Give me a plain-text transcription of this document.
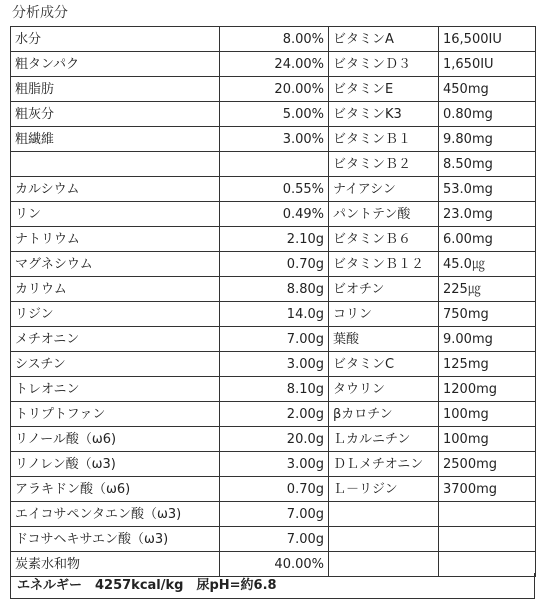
分析成分
水分	8.00%	ビタミンA	16,500IU
粗タンパク	24.00%	ビタミンＤ３	1,650IU
粗脂肪	20.00%	ビタミンE	450mg
粗灰分	5.00%	ビタミンK3	0.80mg
粗繊維	3.00%	ビタミンＢ１	9.80mg
		ビタミンＢ２	8.50mg
カルシウム	0.55%	ナイアシン	53.0mg
リン	0.49%	パントテン酸	23.0mg
ナトリウム	2.10g	ビタミンＢ６	6.00mg
マグネシウム	0.70g	ビタミンＢ１２	45.0㎍
カリウム	8.80g	ビオチン	225㎍
リジン	14.0g	コリン	750mg
メチオニン	7.00g	葉酸	9.00mg
シスチン	3.00g	ビタミンC	125mg
トレオニン	8.10g	タウリン	1200mg
トリプトファン	2.00g	βカロチン	100mg
リノール酸（ω6)	20.0g	Ｌカルニチン	100mg
リノレン酸（ω3)	3.00g	ＤＬメチオニン	2500mg
アラキドン酸（ω6)	0.70g	Ｌ－リジン	3700mg
エイコサペンタエン酸（ω3)	7.00g		
ドコサヘキサエン酸（ω3)	7.00g		
炭素水和物	40.00%		
エネルギー　4257kcal/kg　尿pH=約6.8
